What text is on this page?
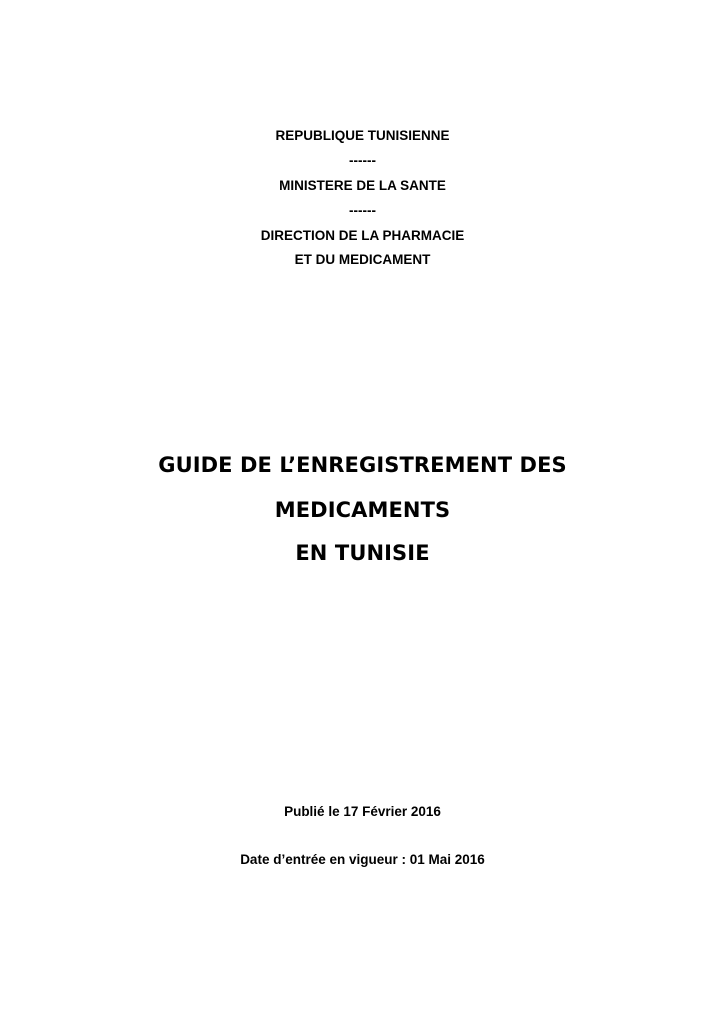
REPUBLIQUE TUNISIENNE
------
MINISTERE DE LA SANTE
------
DIRECTION DE LA PHARMACIE
ET DU MEDICAMENT
GUIDE DE L’ENREGISTREMENT DES
MEDICAMENTS
EN TUNISIE
Publié le 17 Février 2016
Date d’entrée en vigueur : 01 Mai 2016
